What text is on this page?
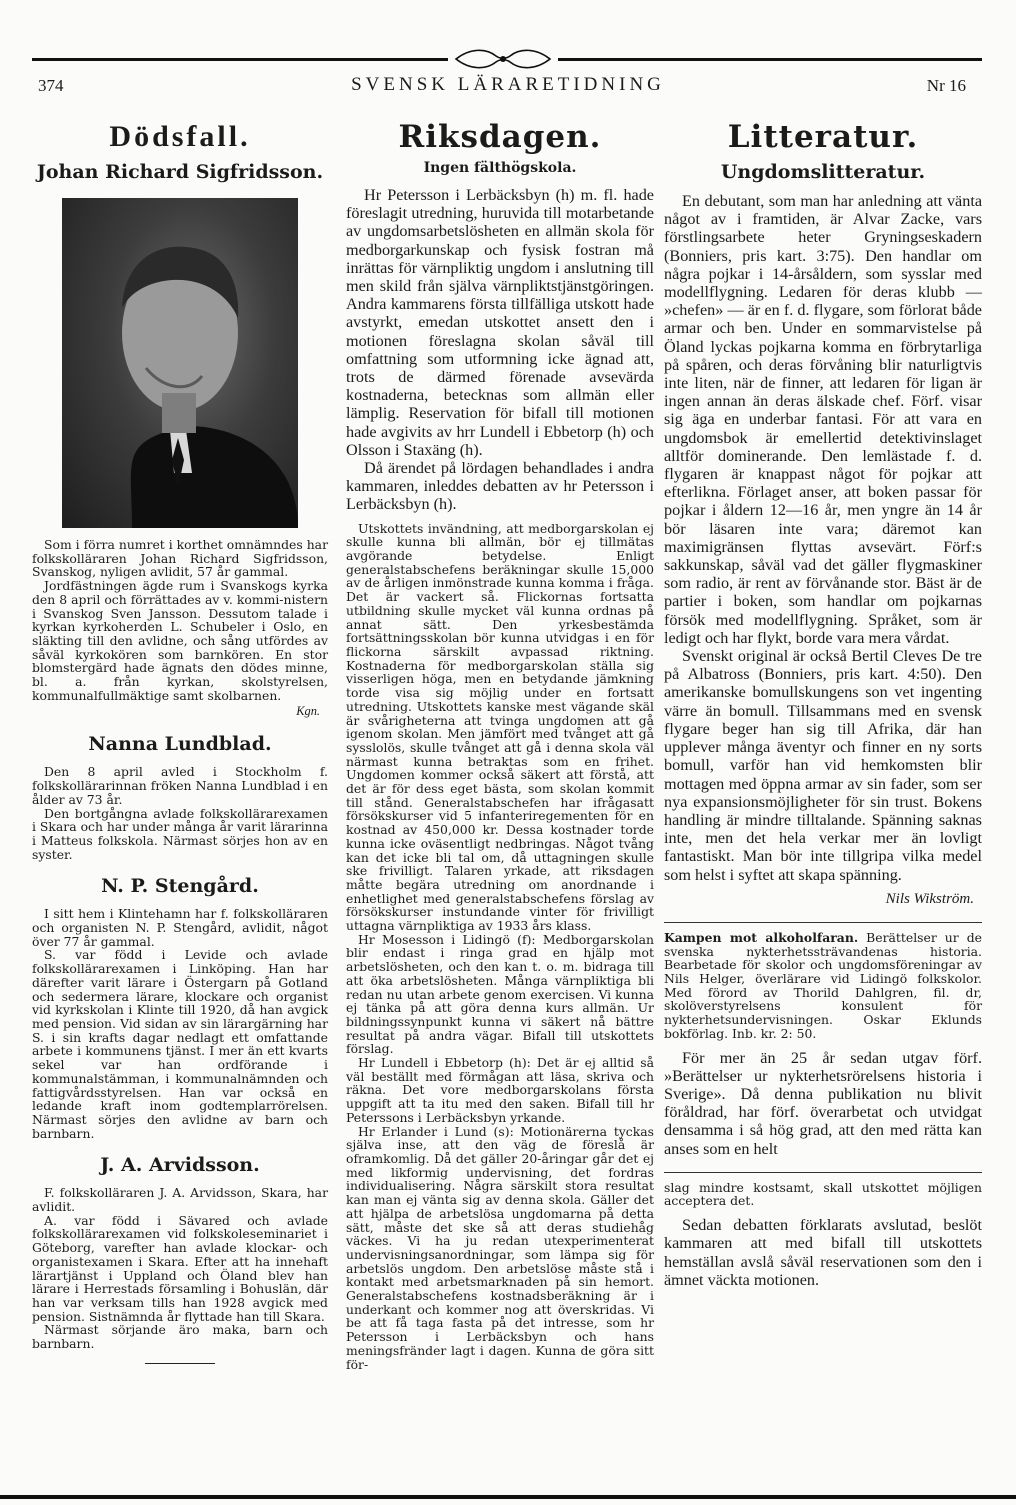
374	SVENSK LÄRARETIDNING	Nr 16
Dödsfall.
Johan Richard Sigfridsson.

Som i förra numret i korthet omnämndes har folkskolläraren Johan Richard Sigfridsson, Svanskog, nyligen avlidit, 57 år gammal.

Jordfästningen ägde rum i Svanskogs kyrka den 8 april och förrättades av v. kommi-nistern i Svanskog Sven Jansson. Dessutom talade i kyrkan kyrkoherden L. Schubeler i Oslo, en släkting till den avlidne, och sång utfördes av såväl kyrkokören som barnkören. En stor blomstergärd hade ägnats den dödes minne, bl. a. från kyrkan, skolstyrelsen, kommunalfullmäktige samt skolbarnen.

Kgn.
Nanna Lundblad.

Den 8 april avled i Stockholm f. folkskollärarinnan fröken Nanna Lundblad i en ålder av 73 år.

Den bortgångna avlade folkskollärarexamen i Skara och har under många år varit lärarinna i Matteus folkskola. Närmast sörjes hon av en syster.

N. P. Stengård.

I sitt hem i Klintehamn har f. folkskolläraren och organisten N. P. Stengård, avlidit, något över 77 år gammal.

S. var född i Levide och avlade folkskollärarexamen i Linköping. Han har därefter varit lärare i Östergarn på Gotland och sedermera lärare, klockare och organist vid kyrkskolan i Klinte till 1920, då han avgick med pension. Vid sidan av sin lärargärning har S. i sin krafts dagar nedlagt ett omfattande arbete i kommunens tjänst. I mer än ett kvarts sekel var han ordförande i kommunalstämman, i kommunalnämnden och fattigvårdsstyrelsen. Han var också en ledande kraft inom godtemplarrörelsen. Närmast sörjes den avlidne av barn och barnbarn.

J. A. Arvidsson.

F. folkskolläraren J. A. Arvidsson, Skara, har avlidit.

A. var född i Sävared och avlade folkskollärarexamen vid folkskoleseminariet i Göteborg, varefter han avlade klockar- och organistexamen i Skara. Efter att ha innehaft lärartjänst i Uppland och Öland blev han lärare i Herrestads församling i Bohuslän, där han var verksam tills han 1928 avgick med pension. Sistnämnda år flyttade han till Skara.

Närmast sörjande äro maka, barn och barnbarn.

Riksdagen.
Ingen fälthögskola.

Hr Petersson i Lerbäcksbyn (h) m. fl. hade föreslagit utredning, huruvida till motarbetande av ungdomsarbetslösheten en allmän skola för medborgarkunskap och fysisk fostran må inrättas för värnpliktig ungdom i anslutning till men skild från själva värnpliktstjänstgöringen. Andra kammarens första tillfälliga utskott hade avstyrkt, emedan utskottet ansett den i motionen föreslagna skolan såväl till omfattning som utformning icke ägnad att, trots de därmed förenade avsevärda kostnaderna, betecknas som allmän eller lämplig. Reservation för bifall till motionen hade avgivits av hrr Lundell i Ebbetorp (h) och Olsson i Staxäng (h).

Då ärendet på lördagen behandlades i andra kammaren, inleddes debatten av hr Petersson i Lerbäcksbyn (h).

Utskottets invändning, att medborgarskolan ej skulle kunna bli allmän, bör ej tillmätas avgörande betydelse. Enligt generalstabschefens beräkningar skulle 15,000 av de årligen inmönstrade kunna komma i fråga. Det är vackert så. Flickornas fortsatta utbildning skulle mycket väl kunna ordnas på annat sätt. Den yrkesbestämda fortsättningsskolan bör kunna utvidgas i en för flickorna särskilt avpassad riktning. Kostnaderna för medborgarskolan ställa sig visserligen höga, men en betydande jämkning torde visa sig möjlig under en fortsatt utredning. Utskottets kanske mest vägande skäl är svårigheterna att tvinga ungdomen att gå igenom skolan. Men jämfört med tvånget att gå sysslolös, skulle tvånget att gå i denna skola väl närmast kunna betraktas som en frihet. Ungdomen kommer också säkert att förstå, att det är för dess eget bästa, som skolan kommit till stånd. Generalstabschefen har ifrågasatt försökskurser vid 5 infanteriregementen för en kostnad av 450,000 kr. Dessa kostnader torde kunna icke oväsentligt nedbringas. Något tvång kan det icke bli tal om, då uttagningen skulle ske frivilligt. Talaren yrkade, att riksdagen måtte begära utredning om anordnande i enhetlighet med generalstabschefens förslag av försökskurser instundande vinter för frivilligt uttagna värnpliktiga av 1933 års klass.

Hr Mosesson i Lidingö (f): Medborgarskolan blir endast i ringa grad en hjälp mot arbetslösheten, och den kan t. o. m. bidraga till att öka arbetslösheten. Många värnpliktiga bli redan nu utan arbete genom exercisen. Vi kunna ej tänka på att göra denna kurs allmän. Ur bildningssynpunkt kunna vi säkert nå bättre resultat på andra vägar. Bifall till utskottets förslag.

Hr Lundell i Ebbetorp (h): Det är ej alltid så väl beställt med förmågan att läsa, skriva och räkna. Det vore medborgarskolans första uppgift att ta itu med den saken. Bifall till hr Peterssons i Lerbäcksbyn yrkande.

Hr Erlander i Lund (s): Motionärerna tyckas själva inse, att den väg de föreslå är oframkomlig. Då det gäller 20-åringar går det ej med likformig undervisning, det fordras individualisering. Några särskilt stora resultat kan man ej vänta sig av denna skola. Gäller det att hjälpa de arbetslösa ungdomarna på detta sätt, måste det ske så att deras studiehåg väckes. Vi ha ju redan utexperimenterat undervisningsanordningar, som lämpa sig för arbetslös ungdom. Den arbetslöse måste stå i kontakt med arbetsmarknaden på sin hemort. Generalstabschefens kostnadsberäkning är i underkant och kommer nog att överskridas. Vi be att få taga fasta på det intresse, som hr Petersson i Lerbäcksbyn och hans meningsfränder lagt i dagen. Kunna de göra sitt för-

Litteratur.
Ungdomslitteratur.

En debutant, som man har anledning att vänta något av i framtiden, är Alvar Zacke, vars förstlingsarbete heter Gryningseskadern (Bonniers, pris kart. 3:75). Den handlar om några pojkar i 14-årsåldern, som sysslar med modellflygning. Ledaren för deras klubb — »chefen» — är en f. d. flygare, som förlorat både armar och ben. Under en sommarvistelse på Öland lyckas pojkarna komma en förbrytarliga på spåren, och deras förvåning blir naturligtvis inte liten, när de finner, att ledaren för ligan är ingen annan än deras älskade chef. Förf. visar sig äga en underbar fantasi. För att vara en ungdomsbok är emellertid detektivinslaget alltför dominerande. Den lemlästade f. d. flygaren är knappast något för pojkar att efterlikna. Förlaget anser, att boken passar för pojkar i åldern 12—16 år, men yngre än 14 år bör läsaren inte vara; däremot kan maximigränsen flyttas avsevärt. Förf:s sakkunskap, såväl vad det gäller flygmaskiner som radio, är rent av förvånande stor. Bäst är de partier i boken, som handlar om pojkarnas försök med modellflygning. Språket, som är ledigt och har flykt, borde vara mera vårdat.

Svenskt original är också Bertil Cleves De tre på Albatross (Bonniers, pris kart. 4:50). Den amerikanske bomullskungens son vet ingenting värre än bomull. Tillsammans med en svensk flygare beger han sig till Afrika, där han upplever många äventyr och finner en ny sorts bomull, varför han vid hemkomsten blir mottagen med öppna armar av sin fader, som ser nya expansionsmöjligheter för sin trust. Bokens handling är mindre tilltalande. Spänning saknas inte, men det hela verkar mer än lovligt fantastiskt. Man bör inte tillgripa vilka medel som helst i syftet att skapa spänning.

Nils Wikström.

Kampen mot alkoholfaran. Berättelser ur de svenska nykterhetssträvandenas historia. Bearbetade för skolor och ungdomsföreningar av Nils Helger, överlärare vid Lidingö folkskolor. Med förord av Thorild Dahlgren, fil. dr, skolöverstyrelsens konsulent för nykterhetsundervisningen. Oskar Eklunds bokförlag. Inb. kr. 2: 50.

För mer än 25 år sedan utgav förf. »Berättelser ur nykterhetsrörelsens historia i Sverige». Då denna publikation nu blivit föråldrad, har förf. överarbetat och utvidgat densamma i så hög grad, att den med rätta kan anses som en helt

slag mindre kostsamt, skall utskottet möjligen acceptera det.

Sedan debatten förklarats avslutad, beslöt kammaren att med bifall till utskottets hemställan avslå såväl reservationen som den i ämnet väckta motionen.
